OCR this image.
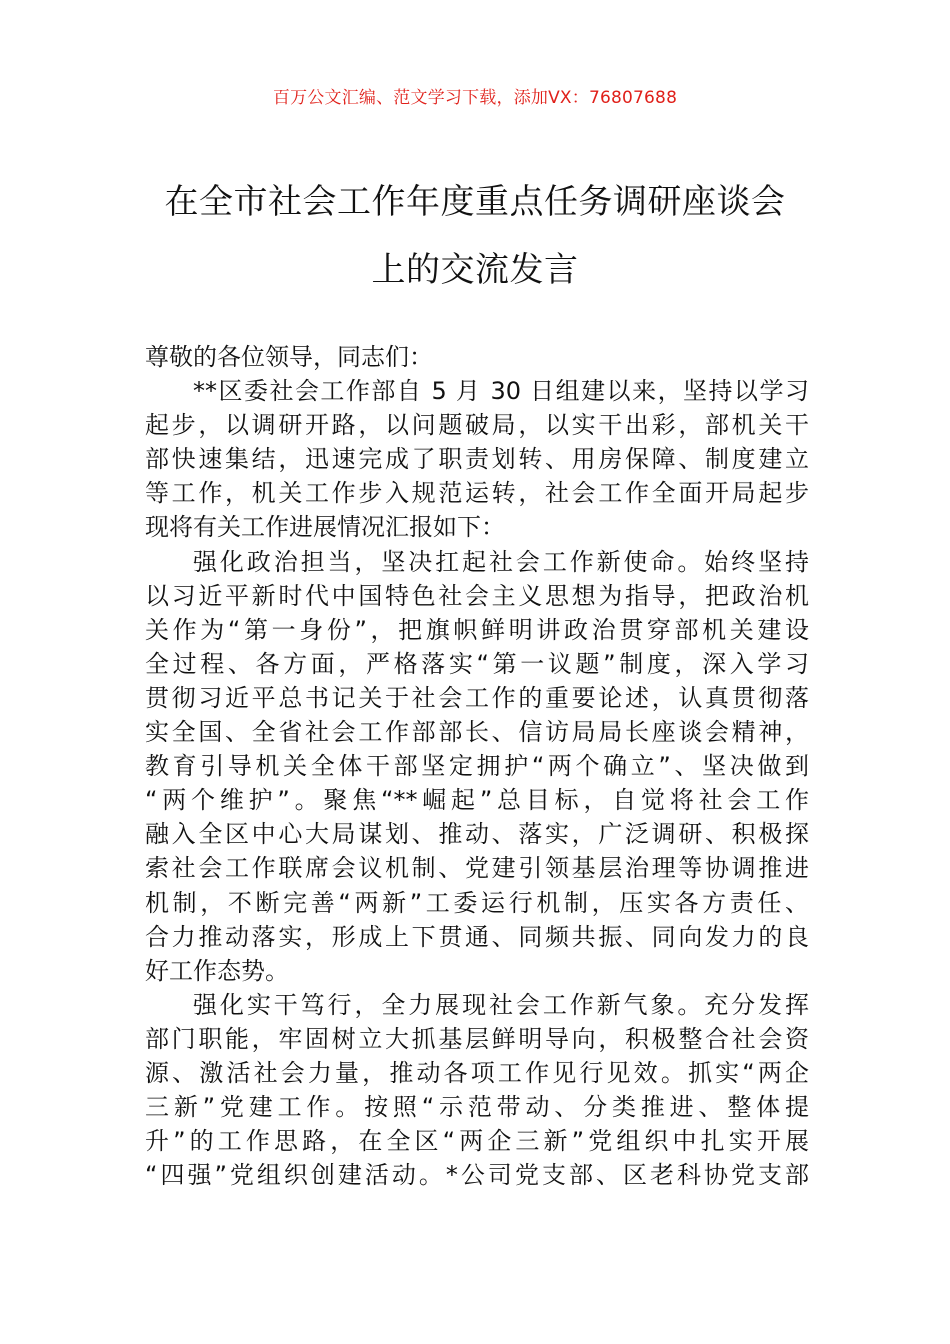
百万公文汇编、范文学习下载，添加VX：76807688
在全市社会工作年度重点任务调研座谈会
上的交流发言

尊敬的各位领导，同志们：

**区委社会工作部自 5 月 30 日组建以来，坚持以学习
起步，以调研开路，以问题破局，以实干出彩，部机关干
部快速集结，迅速完成了职责划转、用房保障、制度建立
等工作，机关工作步入规范运转，社会工作全面开局起步
现将有关工作进展情况汇报如下：

强化政治担当，坚决扛起社会工作新使命。始终坚持
以习近平新时代中国特色社会主义思想为指导，把政治机
关作为“第一身份”，把旗帜鲜明讲政治贯穿部机关建设
全过程、各方面，严格落实“第一议题”制度，深入学习
贯彻习近平总书记关于社会工作的重要论述，认真贯彻落
实全国、全省社会工作部部长、信访局局长座谈会精神，
教育引导机关全体干部坚定拥护“两个确立”、坚决做到
“两个维护”。聚焦“**崛起”总目标，自觉将社会工作
融入全区中心大局谋划、推动、落实，广泛调研、积极探
索社会工作联席会议机制、党建引领基层治理等协调推进
机制，不断完善“两新”工委运行机制，压实各方责任、
合力推动落实，形成上下贯通、同频共振、同向发力的良
好工作态势。

强化实干笃行，全力展现社会工作新气象。充分发挥
部门职能，牢固树立大抓基层鲜明导向，积极整合社会资
源、激活社会力量，推动各项工作见行见效。抓实“两企
三新”党建工作。按照“示范带动、分类推进、整体提
升”的工作思路，在全区“两企三新”党组织中扎实开展
“四强”党组织创建活动。*公司党支部、区老科协党支部
